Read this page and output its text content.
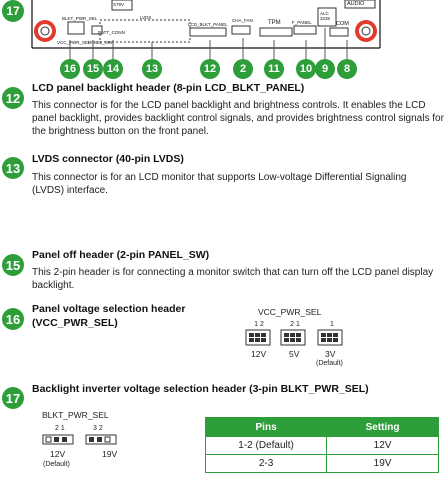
BLKT_PWR_SEL	LVDS
VCC_PWR_SEL
PANEL_SW
BATT_CONN
LCD_BLKT_PANEL
CHA_FAN	TPM	F_PANEL	COM
AUDIO
ALC
3236
S79V
17
16 15 14	13	12	2	11	10 9	8
12
LCD panel backlight header (8-pin LCD_BLKT_PANEL)
This connector is for the LCD panel backlight and brightness controls. It enables the LCD panel backlight, provides backlight control signals, and provides brightness control signals for the brightness button on the front panel.
13
LVDS connector (40-pin LVDS)
This connector is for an LCD monitor that supports Low-voltage Differential Signaling (LVDS) interface.
15
Panel off header (2-pin PANEL_SW)
This 2-pin header is for connecting a monitor switch that can turn off the LCD panel display backlight.
16
Panel voltage selection header
(VCC_PWR_SEL)
VCC_PWR_SEL
1 2	2 1	1
12V	5V	3V
(Default)
17
Backlight inverter voltage selection header (3-pin BLKT_PWR_SEL)
BLKT_PWR_SEL
2 1	3 2
12V	19V
(Default)
Pins	Setting
1-2 (Default)	12V
2-3	19V
